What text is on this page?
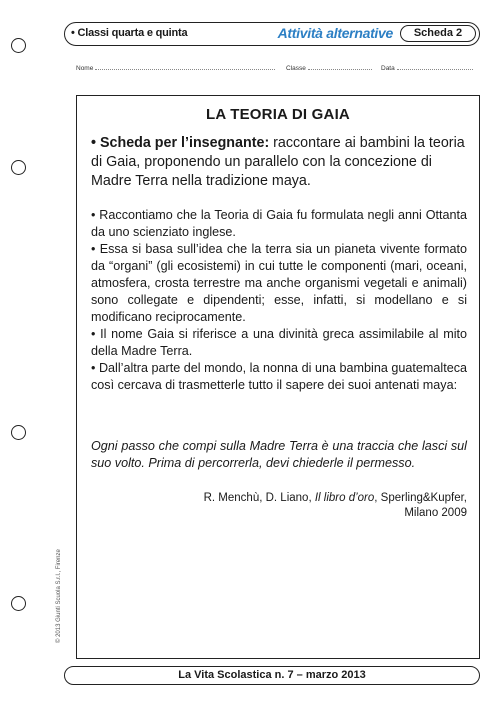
• Classi quarta e quinta	Attività alternative	Scheda 2
Nome	Classe	Data
LA TEORIA DI GAIA
• Scheda per l’insegnante: raccontare ai bambini la teoria di Gaia, proponendo un parallelo con la concezione di Madre Terra nella tradizione maya.

• Raccontiamo che la Teoria di Gaia fu formulata negli anni Ottanta da uno scienziato inglese.

• Essa si basa sull’idea che la terra sia un pianeta vivente formato da “organi” (gli ecosistemi) in cui tutte le componenti (mari, oceani, atmosfera, crosta terrestre ma anche organismi vegetali e animali) sono collegate e dipendenti; esse, infatti, si modellano e si modificano reciprocamente.

• Il nome Gaia si riferisce a una divinità greca assimilabile al mito della Madre Terra.

• Dall’altra parte del mondo, la nonna di una bambina guatemalteca così cercava di trasmetterle tutto il sapere dei suoi antenati maya:

Ogni passo che compi sulla Madre Terra è una traccia che lasci sul suo volto. Prima di percorrerla, devi chiederle il permesso.
R. Menchù, D. Liano, Il libro d’oro, Sperling&Kupfer,
Milano 2009
© 2013 Giunti Scuola S.r.l., Firenze
La Vita Scolastica n. 7 – marzo 2013
